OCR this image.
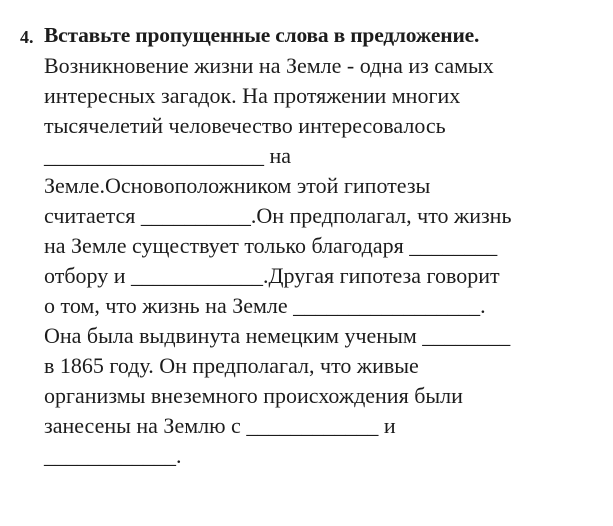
4. Вставьте пропущенные слова в предложение.
Возникновение жизни на Земле - одна из самых
интересных загадок. На протяжении многих
тысячелетий человечество интересовалось
____________________ на
Земле.Основоположником этой гипотезы
считается __________.Он предполагал, что жизнь
на Земле существует только благодаря ________
отбору и ____________.Другая гипотеза говорит
о том, что жизнь на Земле _________________.
Она была выдвинута немецким ученым ________
в 1865 году. Он предполагал, что живые
организмы внеземного происхождения были
занесены на Землю с ____________ и
____________.
